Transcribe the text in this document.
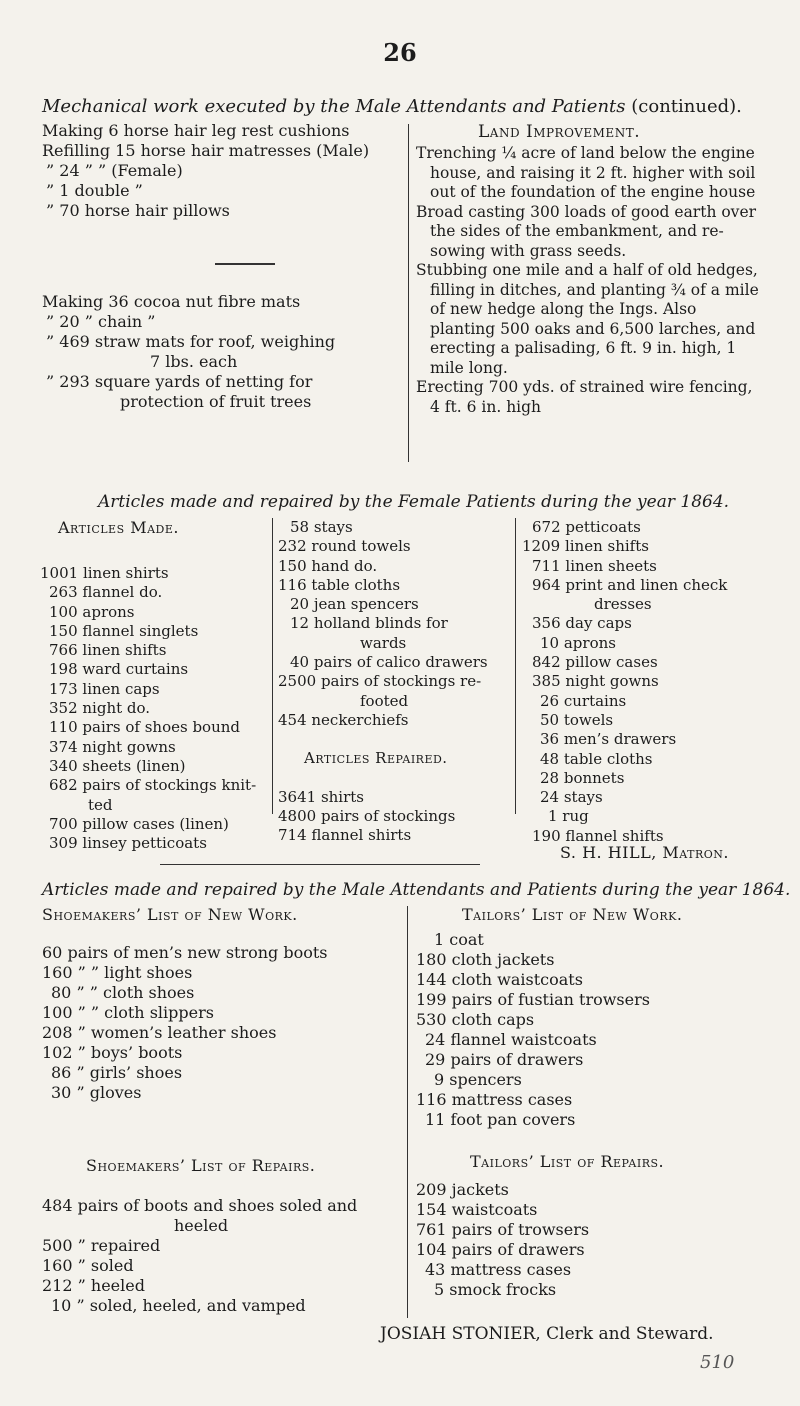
26
Mechanical work executed by the Male Attendants and Patients (continued).
Making 6 horse hair leg rest cushions
Refilling 15 horse hair matresses (Male)
” 24 ” ” (Female)
” 1 double ”
” 70 horse hair pillows
Making 36 cocoa nut fibre mats
” 20 ” chain ”
” 469 straw mats for roof, weighing
7 lbs. each
” 293 square yards of netting for
protection of fruit trees
Land Improvement.
Trenching ¼ acre of land below the engine house, and raising it 2 ft. higher with soil out of the foundation of the engine house
Broad casting 300 loads of good earth over the sides of the embankment, and re-sowing with grass seeds.
Stubbing one mile and a half of old hedges, filling in ditches, and planting ¾ of a mile of new hedge along the Ings. Also planting 500 oaks and 6,500 larches, and erecting a palisading, 6 ft. 9 in. high, 1 mile long.
Erecting 700 yds. of strained wire fencing, 4 ft. 6 in. high
Articles made and repaired by the Female Patients during the year 1864.
Articles Made.
1001 linen shirts
263 flannel do.
100 aprons
150 flannel singlets
766 linen shifts
198 ward curtains
173 linen caps
352 night do.
110 pairs of shoes bound
374 night gowns
340 sheets (linen)
682 pairs of stockings knit-
ted
700 pillow cases (linen)
309 linsey petticoats
58 stays
232 round towels
150 hand do.
116 table cloths
20 jean spencers
12 holland blinds for
wards
40 pairs of calico drawers
2500 pairs of stockings re-
footed
454 neckerchiefs
Articles Repaired.
3641 shirts
4800 pairs of stockings
714 flannel shirts
672 petticoats
1209 linen shifts
711 linen sheets
964 print and linen check
dresses
356 day caps
10 aprons
842 pillow cases
385 night gowns
26 curtains
50 towels
36 men’s drawers
48 table cloths
28 bonnets
24 stays
1 rug
190 flannel shifts
S. H. HILL, Matron.
Articles made and repaired by the Male Attendants and Patients during the year 1864.
Shoemakers’ List of New Work.
60 pairs of men’s new strong boots
160 ” ” light shoes
80 ” ” cloth shoes
100 ” ” cloth slippers
208 ” women’s leather shoes
102 ” boys’ boots
86 ” girls’ shoes
30 ” gloves
Shoemakers’ List of Repairs.
484 pairs of boots and shoes soled and
heeled
500 ” repaired
160 ” soled
212 ” heeled
10 ” soled, heeled, and vamped
Tailors’ List of New Work.
1 coat
180 cloth jackets
144 cloth waistcoats
199 pairs of fustian trowsers
530 cloth caps
24 flannel waistcoats
29 pairs of drawers
9 spencers
116 mattress cases
11 foot pan covers
Tailors’ List of Repairs.
209 jackets
154 waistcoats
761 pairs of trowsers
104 pairs of drawers
43 mattress cases
5 smock frocks
JOSIAH STONIER, Clerk and Steward.
510
